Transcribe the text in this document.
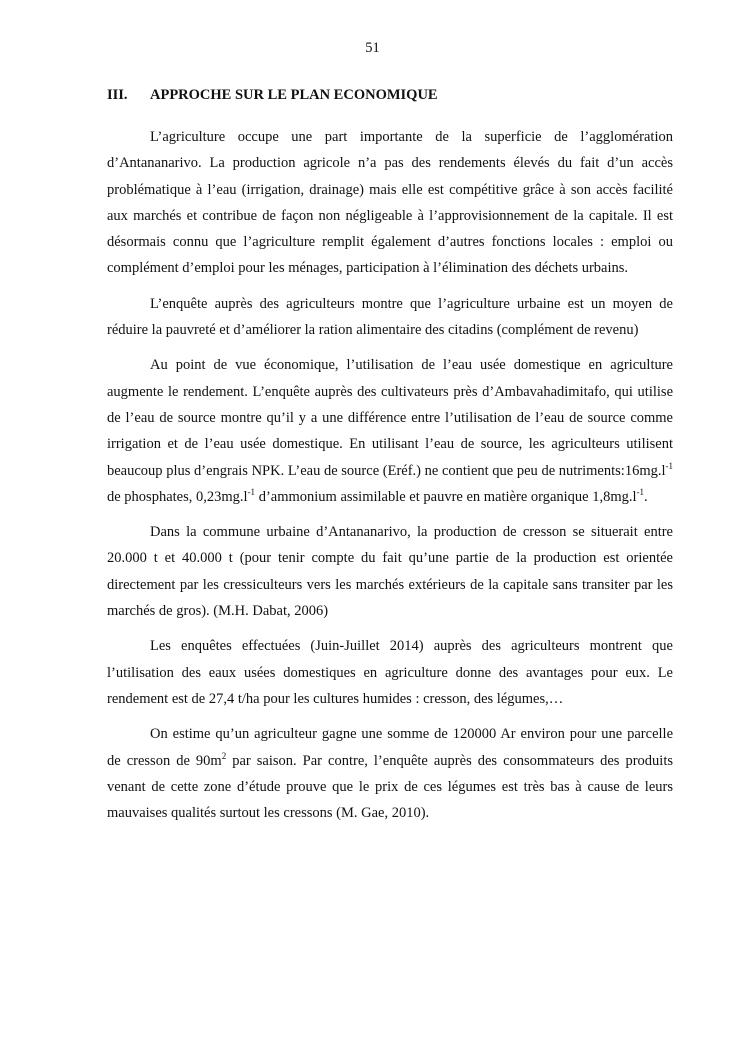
51
III. APPROCHE SUR LE PLAN ECONOMIQUE

L’agriculture occupe une part importante de la superficie de l’agglomération d’Antananarivo. La production agricole n’a pas des rendements élevés du fait d’un accès problématique à l’eau (irrigation, drainage) mais elle est compétitive grâce à son accès facilité aux marchés et contribue de façon non négligeable à l’approvisionnement de la capitale. Il est désormais connu que l’agriculture remplit également d’autres fonctions locales : emploi ou complément d’emploi pour les ménages, participation à l’élimination des déchets urbains.

L’enquête auprès des agriculteurs montre que l’agriculture urbaine est un moyen de réduire la pauvreté et d’améliorer la ration alimentaire des citadins (complément de revenu)

Au point de vue économique, l’utilisation de l’eau usée domestique en agriculture augmente le rendement. L’enquête auprès des cultivateurs près d’Ambavahadimitafo, qui utilise de l’eau de source montre qu’il y a une différence entre l’utilisation de l’eau de source comme irrigation et de l’eau usée domestique. En utilisant l’eau de source, les agriculteurs utilisent beaucoup plus d’engrais NPK. L’eau de source (Eréf.) ne contient que peu de $nutriments:16mg.l^{-1}$ de phosphates, $0,23mg.l^{-1}$ d’ammonium assimilable et pauvre en matière organique $1,8mg.l^{-1}$.

Dans la commune urbaine d’Antananarivo, la production de cresson se situerait entre 20.000 t et 40.000 t (pour tenir compte du fait qu’une partie de la production est orientée directement par les cressiculteurs vers les marchés extérieurs de la capitale sans transiter par les marchés de gros). (M.H. Dabat, 2006)

Les enquêtes effectuées (Juin-Juillet 2014) auprès des agriculteurs montrent que l’utilisation des eaux usées domestiques en agriculture donne des avantages pour eux. Le rendement est de 27,4 t/ha pour les cultures humides : cresson, des légumes,…

On estime qu’un agriculteur gagne une somme de 120000 Ar environ pour une parcelle de cresson de $90m^2$ par saison. Par contre, l’enquête auprès des consommateurs des produits venant de cette zone d’étude prouve que le prix de ces légumes est très bas à cause de leurs mauvaises qualités surtout les cressons (M. Gae, 2010).
